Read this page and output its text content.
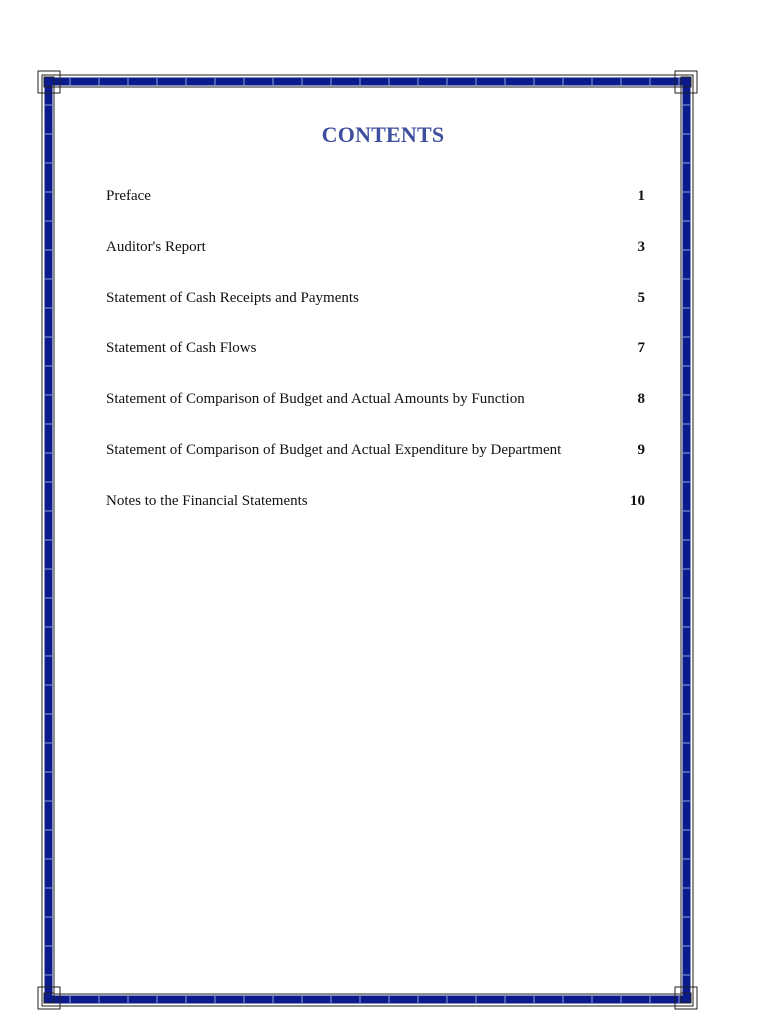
CONTENTS
Preface	1
Auditor's Report	3
Statement of Cash Receipts and Payments	5
Statement of Cash Flows	7
Statement of Comparison of Budget and Actual Amounts by Function	8
Statement of Comparison of Budget and Actual Expenditure by Department	9
Notes to the Financial Statements	10
